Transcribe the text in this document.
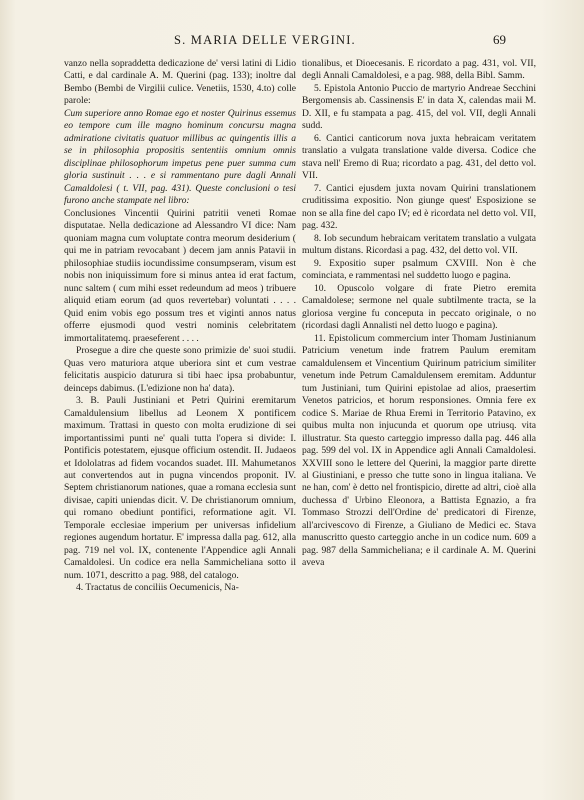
S. MARIA DELLE VERGINI.	69

vanzo nella sopraddetta dedicazione de' versi latini di Lidio Catti, e dal cardinale A. M. Querini (pag. 133); inoltre dal Bembo (Bembi de Virgilii culice. Venetiis, 1530, 4.to) colle parole:

Cum superiore anno Romae ego et noster Quirinus essemus eo tempore cum ille magno hominum concursu magna admiratione civitatis quatuor millibus ac quingentis illis a se in philosophia propositis sententiis omnium omnis disciplinae philosophorum impetus pene puer summa cum gloria sustinuit . . . e si rammentano pure dagli Annali Camaldolesi ( t. VII, pag. 431). Queste conclusioni o tesi furono anche stampate nel libro:

Conclusiones Vincentii Quirini patritii veneti Romae disputatae. Nella dedicazione ad Alessandro VI dice: Nam quoniam magna cum voluptate contra meorum desiderium ( qui me in patriam revocabant ) decem jam annis Patavii in philosophiae studiis iocundissime consumpseram, visum est nobis non iniquissimum fore si minus antea id erat factum, nunc saltem ( cum mihi esset redeundum ad meos ) tribuere aliquid etiam eorum (ad quos revertebar) voluntati . . . . Quid enim vobis ego possum tres et viginti annos natus offerre ejusmodi quod vestri nominis celebritatem immortalitatemq. praeseferent . . . .

Prosegue a dire che queste sono primizie de' suoi studii. Quas vero maturiora atque uberiora sint et cum vestrae felicitatis auspicio daturura si tibi haec ipsa probabuntur, deinceps dabimus. (L'edizione non ha' data).

3. B. Pauli Justiniani et Petri Quirini eremitarum Camaldulensium libellus ad Leonem X pontificem maximum. Trattasi in questo con molta erudizione di sei importantissimi punti ne' quali tutta l'opera si divide: I. Pontificis potestatem, ejusque officium ostendit. II. Judaeos et Idololatras ad fidem vocandos suadet. III. Mahumetanos aut convertendos aut in pugna vincendos proponit. IV. Septem christianorum nationes, quae a romana ecclesia sunt divisae, capiti uniendas dicit. V. De christianorum omnium, qui romano obediunt pontifici, reformatione agit. VI. Temporale ecclesiae imperium per universas infidelium regiones augendum hortatur. E' impressa dalla pag. 612, alla pag. 719 nel vol. IX, contenente l'Appendice agli Annali Camaldolesi. Un codice era nella Sammicheliana sotto il num. 1071, descritto a pag. 988, del catalogo.

4. Tractatus de conciliis Oecumenicis, Na-

tionalibus, et Dioecesanis. E ricordato a pag. 431, vol. VII, degli Annali Camaldolesi, e a pag. 988, della Bibl. Samm.

5. Epistola Antonio Puccio de martyrio Andreae Secchini Bergomensis ab. Cassinensis E' in data X, calendas maii M. D. XII, e fu stampata a pag. 415, del vol. VII, degli Annali sudd.

6. Cantici canticorum nova juxta hebraicam veritatem translatio a vulgata translatione valde diversa. Codice che stava nell' Eremo di Rua; ricordato a pag. 431, del detto vol. VII.

7. Cantici ejusdem juxta novam Quirini translationem cruditissima expositio. Non giunge quest' Esposizione se non se alla fine del capo IV; ed è ricordata nel detto vol. VII, pag. 432.

8. Iob secundum hebraicam veritatem translatio a vulgata multum distans. Ricordasi a pag. 432, del detto vol. VII.

9. Expositio super psalmum CXVIII. Non è che cominciata, e rammentasi nel suddetto luogo e pagina.

10. Opuscolo volgare di frate Pietro eremita Camaldolese; sermone nel quale subtilmente tracta, se la gloriosa vergine fu conceputa in peccato originale, o no (ricordasi dagli Annalisti nel detto luogo e pagina).

11. Epistolicum commercium inter Thomam Justinianum Patricium venetum inde fratrem Paulum eremitam camaldulensem et Vincentium Quirinum patricium similiter venetum inde Petrum Camaldulensem eremitam. Adduntur tum Justiniani, tum Quirini epistolae ad alios, praesertim Venetos patricios, et horum responsiones. Omnia fere ex codice S. Mariae de Rhua Eremi in Territorio Patavino, ex quibus multa non injucunda et quorum ope utriusq. vita illustratur. Sta questo carteggio impresso dalla pag. 446 alla pag. 599 del vol. IX in Appendice agli Annali Camaldolesi. XXVIII sono le lettere del Querini, la maggior parte dirette al Giustiniani, e presso che tutte sono in lingua italiana. Ve ne han, com' è detto nel frontispicio, dirette ad altri, cioè alla duchessa d' Urbino Eleonora, a Battista Egnazio, a fra Tommaso Strozzi dell'Ordine de' predicatori di Firenze, all'arcivescovo di Firenze, a Giuliano de Medici ec. Stava manuscritto questo carteggio anche in un codice num. 609 a pag. 987 della Sammicheliana; e il cardinale A. M. Querini aveva
